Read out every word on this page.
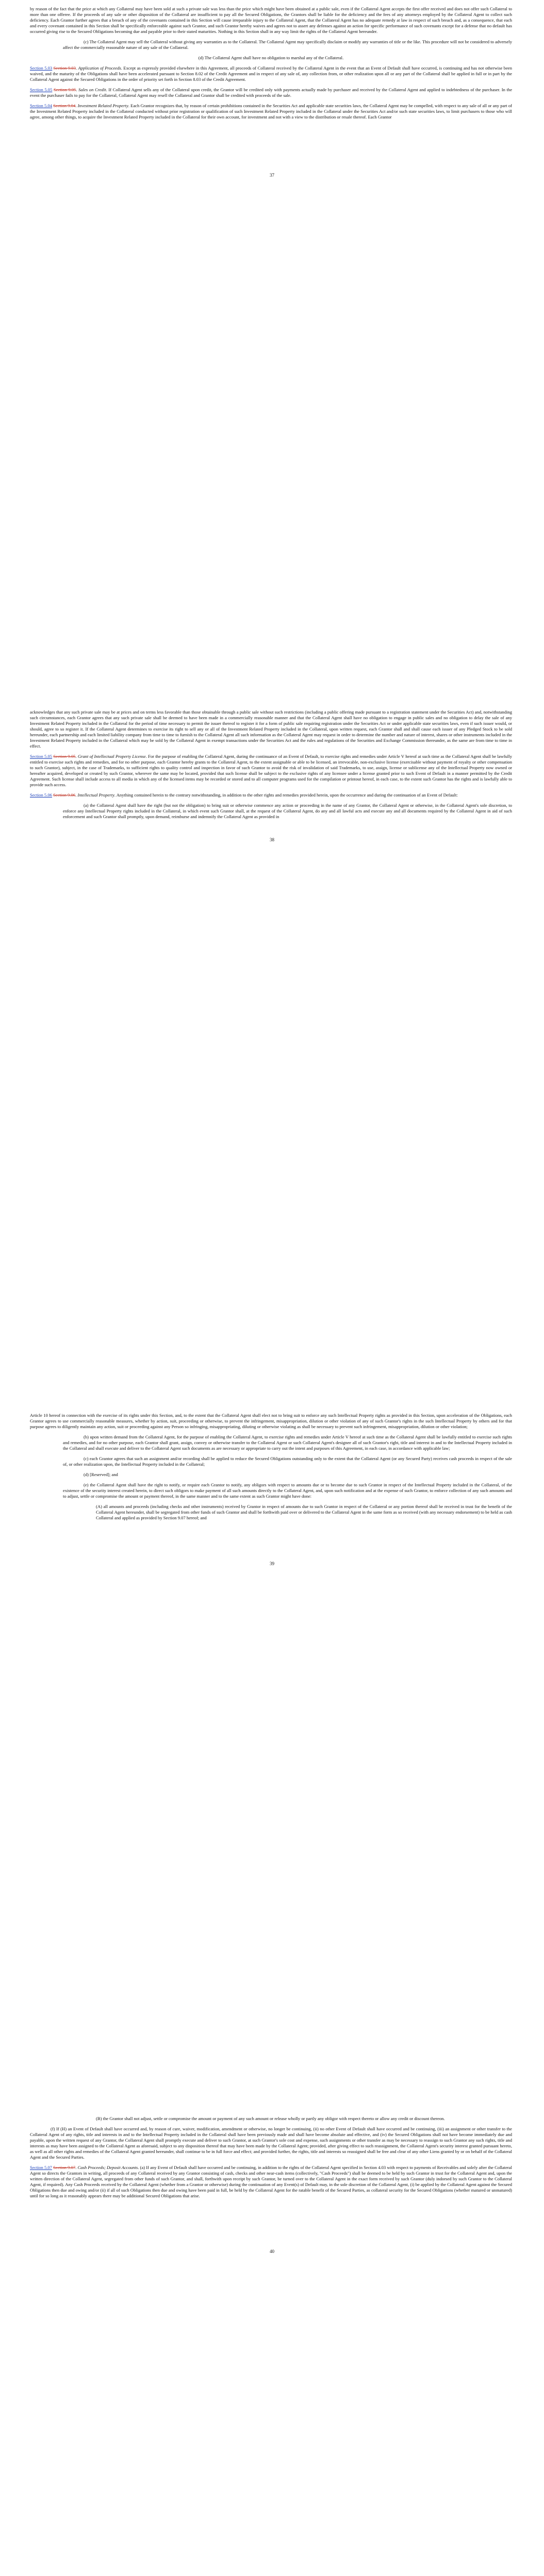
by reason of the fact that the price at which any Collateral may have been sold at such a private sale was less than the price which might have been obtained at a public sale, even if the Collateral Agent accepts the first offer received and does not offer such Collateral to more than one offeree. If the proceeds of any sale or other disposition of the Collateral are insufficient to pay all the Secured Obligations, the Grantors shall be liable for the deficiency and the fees of any attorneys employed by the Collateral Agent to collect such deficiency. Each Grantor further agrees that a breach of any of the covenants contained in this Section will cause irreparable injury to the Collateral Agent, that the Collateral Agent has no adequate remedy at law in respect of such breach and, as a consequence, that each and every covenant contained in this Section shall be specifically enforceable against such Grantor, and such Grantor hereby waives and agrees not to assert any defenses against an action for specific performance of such covenants except for a defense that no default has occurred giving rise to the Secured Obligations becoming due and payable prior to their stated maturities. Nothing in this Section shall in any way limit the rights of the Collateral Agent hereunder.

(c) The Collateral Agent may sell the Collateral without giving any warranties as to the Collateral. The Collateral Agent may specifically disclaim or modify any warranties of title or the like. This procedure will not be considered to adversely affect the commercially reasonable nature of any sale of the Collateral.

(d) The Collateral Agent shall have no obligation to marshal any of the Collateral.

Section 5.03 Section 9.03. Application of Proceeds. Except as expressly provided elsewhere in this Agreement, all proceeds of Collateral received by the Collateral Agent in the event that an Event of Default shall have occurred, is continuing and has not otherwise been waived, and the maturity of the Obligations shall have been accelerated pursuant to Section 8.02 of the Credit Agreement and in respect of any sale of, any collection from, or other realization upon all or any part of the Collateral shall be applied in full or in part by the Collateral Agent against the Secured Obligations in the order of priority set forth in Section 8.03 of the Credit Agreement.

Section 5.05 Section 9.05. Sales on Credit. If Collateral Agent sells any of the Collateral upon credit, the Grantor will be credited only with payments actually made by purchaser and received by the Collateral Agent and applied to indebtedness of the purchaser. In the event the purchaser fails to pay for the Collateral, Collateral Agent may resell the Collateral and Grantor shall be credited with proceeds of the sale.

Section 5.04 Section 9.04. Investment Related Property. Each Grantor recognizes that, by reason of certain prohibitions contained in the Securities Act and applicable state securities laws, the Collateral Agent may be compelled, with respect to any sale of all or any part of the Investment Related Property included in the Collateral conducted without prior registration or qualification of such Investment Related Property included in the Collateral under the Securities Act and/or such state securities laws, to limit purchasers to those who will agree, among other things, to acquire the Investment Related Property included in the Collateral for their own account, for investment and not with a view to the distribution or resale thereof. Each Grantor

37

acknowledges that any such private sale may be at prices and on terms less favorable than those obtainable through a public sale without such restrictions (including a public offering made pursuant to a registration statement under the Securities Act) and, notwithstanding such circumstances, each Grantor agrees that any such private sale shall be deemed to have been made in a commercially reasonable manner and that the Collateral Agent shall have no obligation to engage in public sales and no obligation to delay the sale of any Investment Related Property included in the Collateral for the period of time necessary to permit the issuer thereof to register it for a form of public sale requiring registration under the Securities Act or under applicable state securities laws, even if such issuer would, or should, agree to so register it. If the Collateral Agent determines to exercise its right to sell any or all of the Investment Related Property included in the Collateral, upon written request, each Grantor shall and shall cause each issuer of any Pledged Stock to be sold hereunder, each partnership and each limited liability company from time to time to furnish to the Collateral Agent all such information as the Collateral Agent may request in order to determine the number and nature of interest, shares or other instruments included in the Investment Related Property included in the Collateral which may be sold by the Collateral Agent in exempt transactions under the Securities Act and the rules and regulations of the Securities and Exchange Commission thereunder, as the same are from time to time in effect.

Section 5.05 Section 9.05. Grant of Intellectual Property License. For the purpose of enabling the Collateral Agent, during the continuance of an Event of Default, to exercise rights and remedies under Article V hereof at such time as the Collateral Agent shall be lawfully entitled to exercise such rights and remedies, and for no other purpose, each Grantor hereby grants to the Collateral Agent, to the extent assignable or able to be licensed, an irrevocable, non-exclusive license (exercisable without payment of royalty or other compensation to such Grantor), subject, in the case of Trademarks, to sufficient rights to quality control and inspection in favor of such Grantor to avoid the risk of invalidation of said Trademarks, to use, assign, license or sublicense any of the Intellectual Property now owned or hereafter acquired, developed or created by such Grantor, wherever the same may be located, provided that such license shall be subject to the exclusive rights of any licensee under a license granted prior to such Event of Default in a manner permitted by the Credit Agreement. Such license shall include access to all media in which any of the licensed items may be recorded or stored and to all computer programs used for the compilation or printout hereof, in each case, to the extent such Grantor has the rights and is lawfully able to provide such access.

Section 5.06 Section 9.06. Intellectual Property. Anything contained herein to the contrary notwithstanding, in addition to the other rights and remedies provided herein, upon the occurrence and during the continuation of an Event of Default:

(a) the Collateral Agent shall have the right (but not the obligation) to bring suit or otherwise commence any action or proceeding in the name of any Grantor, the Collateral Agent or otherwise, in the Collateral Agent's sole discretion, to enforce any Intellectual Property rights included in the Collateral, in which event such Grantor shall, at the request of the Collateral Agent, do any and all lawful acts and execute any and all documents required by the Collateral Agent in aid of such enforcement and such Grantor shall promptly, upon demand, reimburse and indemnify the Collateral Agent as provided in

38

Article 10 hereof in connection with the exercise of its rights under this Section, and, to the extent that the Collateral Agent shall elect not to bring suit to enforce any such Intellectual Property rights as provided in this Section, upon acceleration of the Obligations, each Grantor agrees to use commercially reasonable measures, whether by action, suit, proceeding or otherwise, to prevent the infringement, misappropriation, dilution or other violation of any of such Grantor's rights in the such Intellectual Property by others and for that purpose agrees to diligently maintain any action, suit or proceeding against any Person so infringing, misappropriating, diluting or otherwise violating as shall be necessary to prevent such infringement, misappropriation, dilution or other violation;

(b) upon written demand from the Collateral Agent, for the purpose of enabling the Collateral Agent, to exercise rights and remedies under Article V hereof at such time as the Collateral Agent shall be lawfully entitled to exercise such rights and remedies, and for no other purpose, each Grantor shall grant, assign, convey or otherwise transfer to the Collateral Agent or such Collateral Agent's designee all of such Grantor's right, title and interest in and to the Intellectual Property included in the Collateral and shall execute and deliver to the Collateral Agent such documents as are necessary or appropriate to carry out the intent and purposes of this Agreement, in each case, in accordance with applicable law;

(c) each Grantor agrees that such an assignment and/or recording shall be applied to reduce the Secured Obligations outstanding only to the extent that the Collateral Agent (or any Secured Party) receives cash proceeds in respect of the sale of, or other realization upon, the Intellectual Property included in the Collateral;

(d) [Reserved]; and

(e) the Collateral Agent shall have the right to notify, or require each Grantor to notify, any obligors with respect to amounts due or to become due to such Grantor in respect of the Intellectual Property included in the Collateral, of the existence of the security interest created herein, to direct such obligors to make payment of all such amounts directly to the Collateral Agent, and, upon such notification and at the expense of such Grantor, to enforce collection of any such amounts and to adjust, settle or compromise the amount or payment thereof, in the same manner and to the same extent as such Grantor might have done:

(A) all amounts and proceeds (including checks and other instruments) received by Grantor in respect of amounts due to such Grantor in respect of the Collateral or any portion thereof shall be received in trust for the benefit of the Collateral Agent hereunder, shall be segregated from other funds of such Grantor and shall be forthwith paid over or delivered to the Collateral Agent in the same form as so received (with any necessary endorsement) to be held as cash Collateral and applied as provided by Section 9.07 hereof; and

39

(B) the Grantor shall not adjust, settle or compromise the amount or payment of any such amount or release wholly or partly any obligor with respect thereto or allow any credit or discount thereon.

(f) If (H) an Event of Default shall have occurred and, by reason of cure, waiver, modification, amendment or otherwise, no longer be continuing, (ii) no other Event of Default shall have occurred and be continuing, (iii) an assignment or other transfer to the Collateral Agent of any rights, title and interests in and to the Intellectual Property included in the Collateral shall have been previously made and shall have become absolute and effective, and (iv) the Secured Obligations shall not have become immediately due and payable, upon the written request of any Grantor, the Collateral Agent shall promptly execute and deliver to such Grantor, at such Grantor's sole cost and expense, such assignments or other transfer as may be necessary to reassign to such Grantor any such rights, title and interests as may have been assigned to the Collateral Agent as aforesaid, subject to any disposition thereof that may have been made by the Collateral Agent; provided, after giving effect to such reassignment, the Collateral Agent's security interest granted pursuant hereto, as well as all other rights and remedies of the Collateral Agent granted hereunder, shall continue to be in full force and effect; and provided further, the rights, title and interests so reassigned shall be free and clear of any other Liens granted by or on behalf of the Collateral Agent and the Secured Parties.

Section 5.07 Section 9.07. Cash Proceeds; Deposit Accounts. (a) If any Event of Default shall have occurred and be continuing, in addition to the rights of the Collateral Agent specified in Section 4.03 with respect to payments of Receivables and solely after the Collateral Agent so directs the Grantors in writing, all proceeds of any Collateral received by any Grantor consisting of cash, checks and other near-cash items (collectively, "Cash Proceeds") shall be deemed to be held by such Grantor in trust for the Collateral Agent and, upon the written direction of the Collateral Agent, segregated from other funds of such Grantor, and shall, forthwith upon receipt by such Grantor, be turned over to the Collateral Agent in the exact form received by such Grantor (duly indorsed by such Grantor to the Collateral Agent, if required). Any Cash Proceeds received by the Collateral Agent (whether from a Grantor or otherwise) during the continuation of any Event(s) of Default may, in the sole discretion of the Collateral Agent, (i) be applied by the Collateral Agent against the Secured Obligations then due and owing and/or (ii) if all of such Obligations then due and owing have been paid in full, be held by the Collateral Agent for the ratable benefit of the Secured Parties, as collateral security for the Secured Obligations (whether matured or unmatured) until for so long as it reasonably appears there may be additional Secured Obligations that arise.

40
